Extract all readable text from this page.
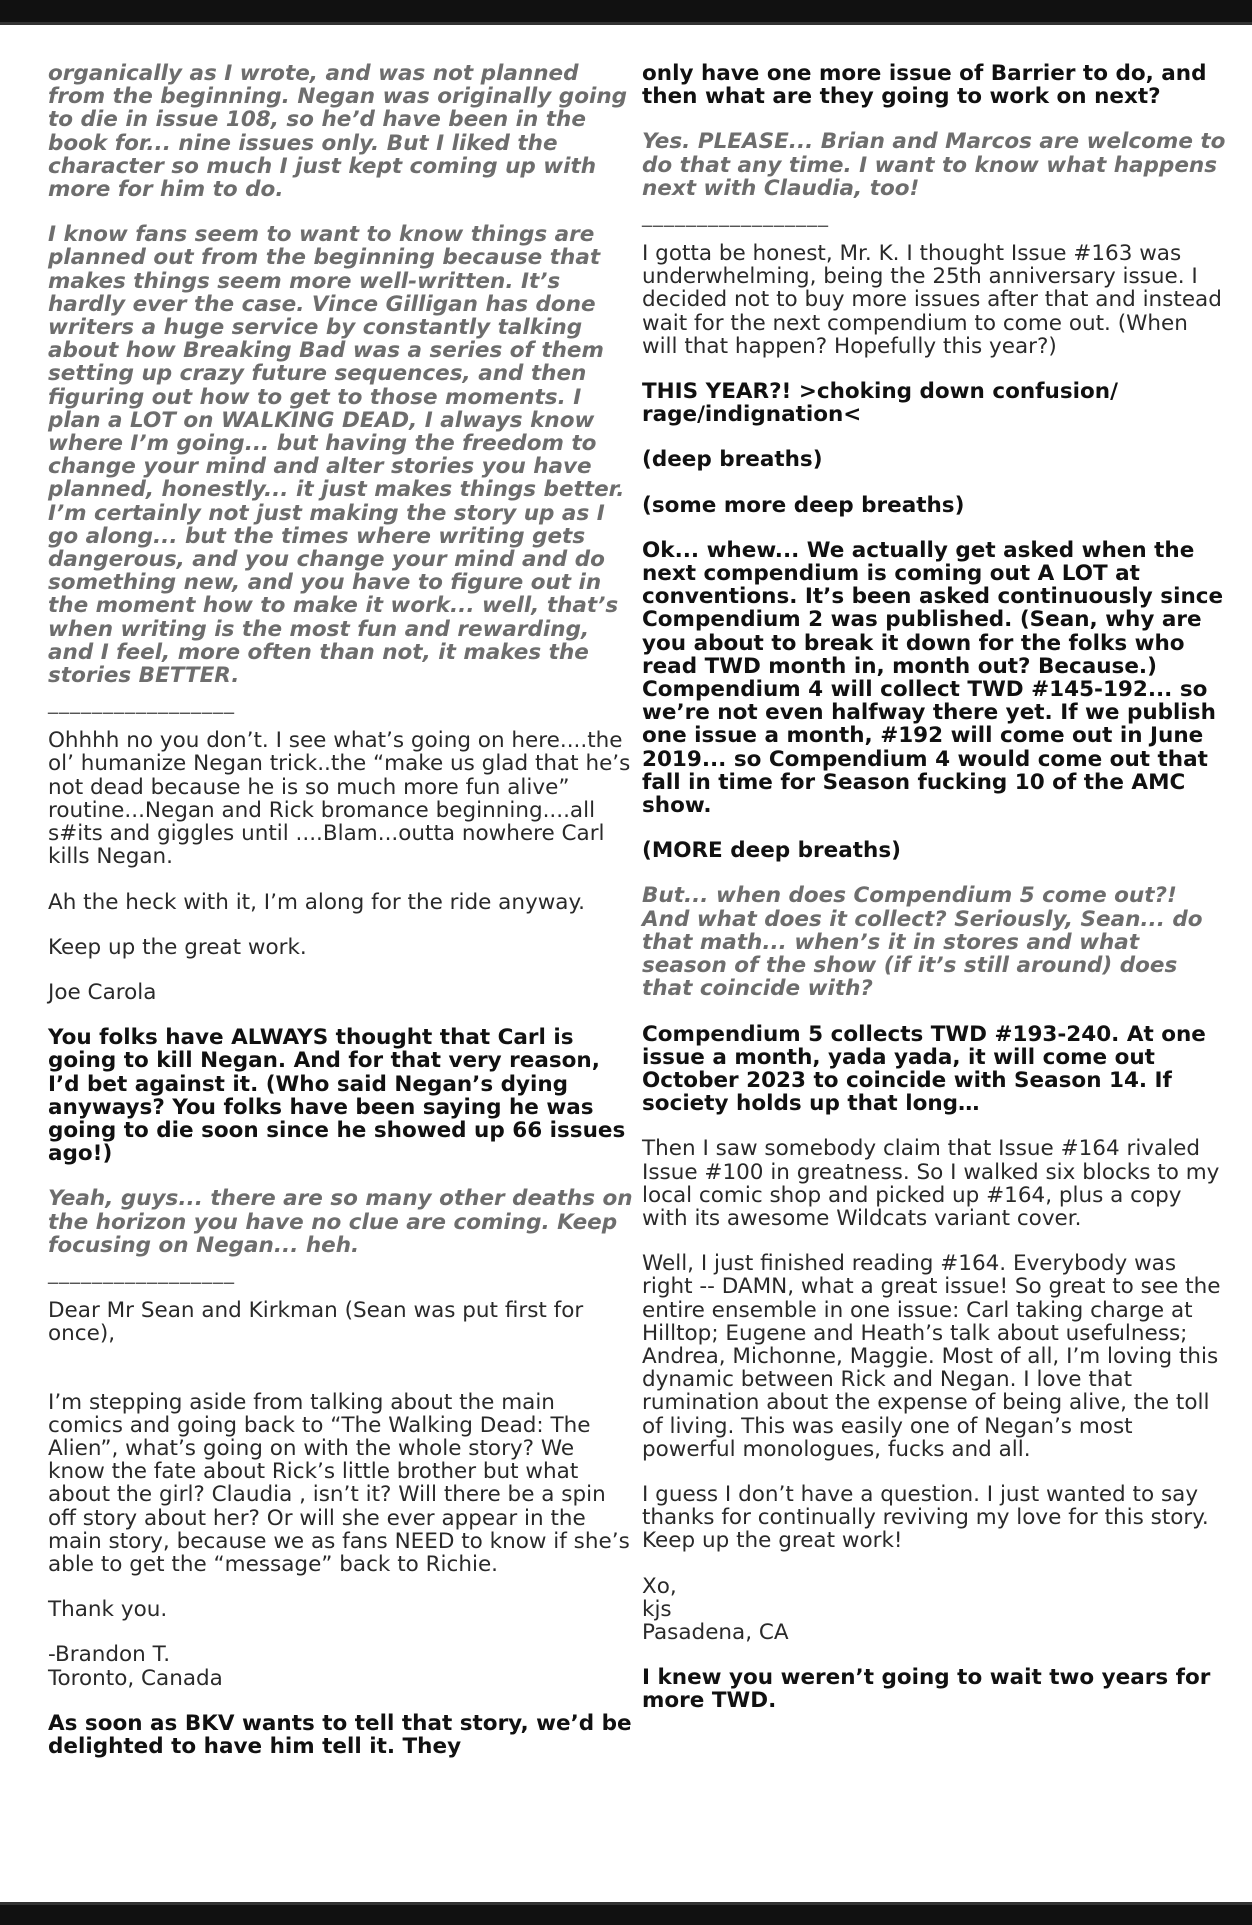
organically as I wrote, and was not planned from the beginning. Negan was originally going to die in issue 108, so he’d have been in the book for... nine issues only. But I liked the character so much I just kept coming up with more for him to do.

I know fans seem to want to know things are planned out from the beginning because that makes things seem more well-written. It’s hardly ever the case. Vince Gilligan has done writers a huge service by constantly talking about how Breaking Bad was a series of them setting up crazy future sequences, and then figuring out how to get to those moments. I plan a LOT on WALKING DEAD, I always know where I’m going... but having the freedom to change your mind and alter stories you have planned, honestly... it just makes things better. I’m certainly not just making the story up as I go along... but the times where writing gets dangerous, and you change your mind and do something new, and you have to figure out in the moment how to make it work... well, that’s when writing is the most fun and rewarding, and I feel, more often than not, it makes the stories BETTER.

_________________

Ohhhh no you don’t. I see what’s going on here....the ol’ humanize Negan trick..the “make us glad that he’s not dead because he is so much more fun alive” routine...Negan and Rick bromance beginning....all s#its and giggles until ....Blam...outta nowhere Carl kills Negan.

Ah the heck with it, I’m along for the ride anyway.

Keep up the great work.

Joe Carola

You folks have ALWAYS thought that Carl is going to kill Negan. And for that very reason, I’d bet against it. (Who said Negan’s dying anyways? You folks have been saying he was going to die soon since he showed up 66 issues ago!)

Yeah, guys... there are so many other deaths on the horizon you have no clue are coming. Keep focusing on Negan... heh.

_________________

Dear Mr Sean and Kirkman (Sean was put first for once),

I’m stepping aside from talking about the main comics and going back to “The Walking Dead: The Alien”, what’s going on with the whole story? We know the fate about Rick’s little brother but what about the girl? Claudia , isn’t it? Will there be a spin off story about her? Or will she ever appear in the main story, because we as fans NEED to know if she’s able to get the “message” back to Richie.

Thank you.

-Brandon T.
Toronto, Canada

As soon as BKV wants to tell that story, we’d be delighted to have him tell it. They

only have one more issue of Barrier to do, and then what are they going to work on next?

Yes. PLEASE... Brian and Marcos are welcome to do that any time. I want to know what happens next with Claudia, too!

_________________

I gotta be honest, Mr. K. I thought Issue #163 was underwhelming, being the 25th anniversary issue. I decided not to buy more issues after that and instead wait for the next compendium to come out. (When will that happen? Hopefully this year?)

THIS YEAR?! >choking down confusion/ rage/indignation<

(deep breaths)

(some more deep breaths)

Ok... whew... We actually get asked when the next compendium is coming out A LOT at conventions. It’s been asked continuously since Compendium 2 was published. (Sean, why are you about to break it down for the folks who read TWD month in, month out? Because.) Compendium 4 will collect TWD #145-192... so we’re not even halfway there yet. If we publish one issue a month, #192 will come out in June 2019... so Compendium 4 would come out that fall in time for Season fucking 10 of the AMC show.

(MORE deep breaths)

But... when does Compendium 5 come out?! And what does it collect? Seriously, Sean... do that math... when’s it in stores and what season of the show (if it’s still around) does that coincide with?

Compendium 5 collects TWD #193-240. At one issue a month, yada yada, it will come out October 2023 to coincide with Season 14. If society holds up that long…

Then I saw somebody claim that Issue #164 rivaled Issue #100 in greatness. So I walked six blocks to my local comic shop and picked up #164, plus a copy with its awesome Wildcats variant cover.

Well, I just finished reading #164. Everybody was right -- DAMN, what a great issue! So great to see the entire ensemble in one issue: Carl taking charge at Hilltop; Eugene and Heath’s talk about usefulness; Andrea, Michonne, Maggie. Most of all, I’m loving this dynamic between Rick and Negan. I love that rumination about the expense of being alive, the toll of living. This was easily one of Negan’s most powerful monologues, fucks and all.

I guess I don’t have a question. I just wanted to say thanks for continually reviving my love for this story. Keep up the great work!

Xo,
kjs
Pasadena, CA

I knew you weren’t going to wait two years for more TWD.
